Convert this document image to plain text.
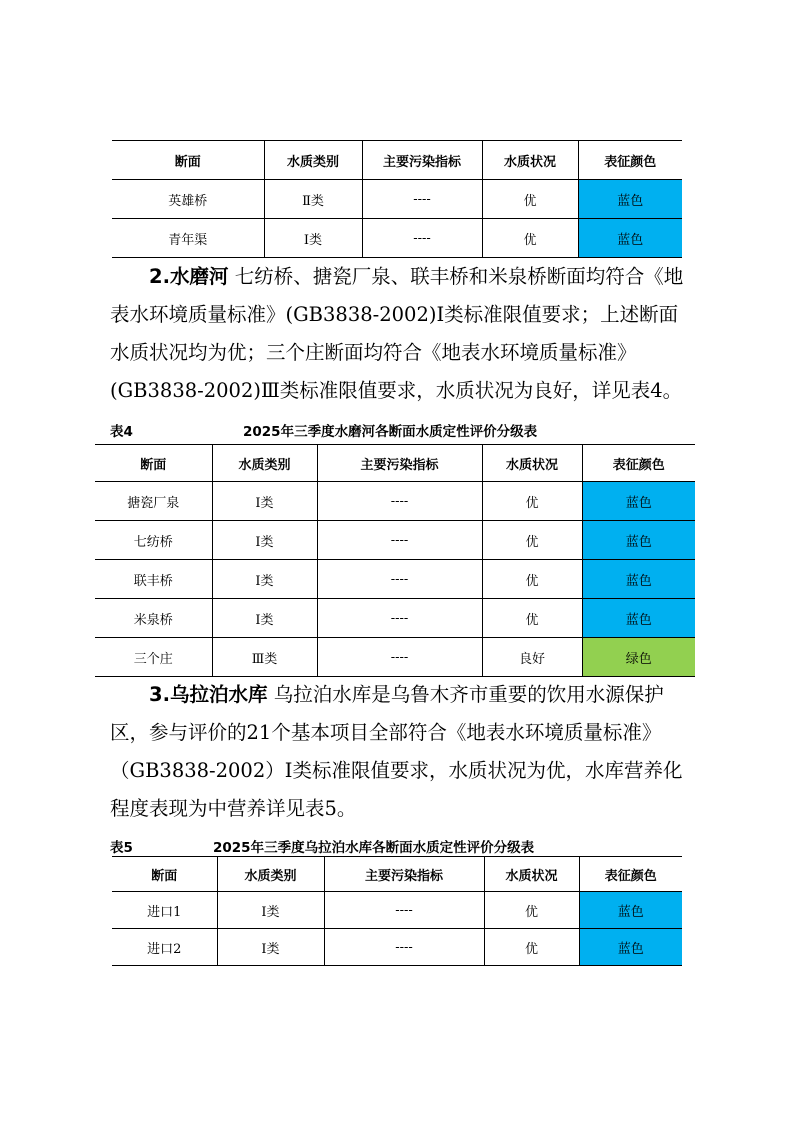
断面	水质类别	主要污染指标	水质状况	表征颜色
英雄桥	Ⅱ类	----	优	蓝色
青年渠	Ⅰ类	----	优	蓝色
2.水磨河 七纺桥、搪瓷厂泉、联丰桥和米泉桥断面均符合《地表水环境质量标准》(GB3838-2002)Ⅰ类标准限值要求；上述断面水质状况均为优；三个庄断面均符合《地表水环境质量标准》(GB3838-2002)Ⅲ类标准限值要求，水质状况为良好，详见表4。
表4	2025年三季度水磨河各断面水质定性评价分级表
断面	水质类别	主要污染指标	水质状况	表征颜色
搪瓷厂泉	Ⅰ类	----	优	蓝色
七纺桥	Ⅰ类	----	优	蓝色
联丰桥	Ⅰ类	----	优	蓝色
米泉桥	Ⅰ类	----	优	蓝色
三个庄	Ⅲ类	----	良好	绿色
3.乌拉泊水库 乌拉泊水库是乌鲁木齐市重要的饮用水源保护区，参与评价的21个基本项目全部符合《地表水环境质量标准》（GB3838-2002）Ⅰ类标准限值要求，水质状况为优，水库营养化程度表现为中营养详见表5。
表5	2025年三季度乌拉泊水库各断面水质定性评价分级表
断面	水质类别	主要污染指标	水质状况	表征颜色
进口1	Ⅰ类	----	优	蓝色
进口2	Ⅰ类	----	优	蓝色
